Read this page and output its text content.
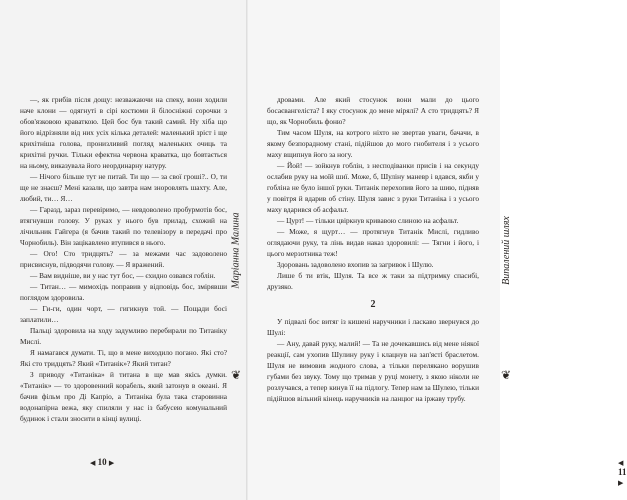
—, як грибів після дощу: незважаючи на спеку, вони ходили наче клони — одягнуті в сірі костюми й білосніжні сорочки з обов'язковою краваткою. Цей бос був такий самий. Ну хіба що його відрізняли від них усіх кілька деталей: маленький зріст і ще крихітніша голова, пронизливий погляд маленьких очиць та крихітні ручки. Тільки ефектна червона краватка, що бовтається на ньому, виказувала його неординарну натуру.

— Нічого більше тут не питай. Ти що — за свої гроші?.. О, ти ще не знаєш? Мені казали, що завтра нам зноровлять шахту. Але, любий, ти… Я…

— Гаразд, зараз перевіримо, — невдоволено пробурмотів бос, втягнувши голову. У руках у нього був прилад, схожий на лічильник Гайгера (я бачив такий по телевізору в передачі про Чорнобиль). Він зацікавлено втупився в нього.

— Ого! Сто тридцять? — за межами час задоволено присвиснув, підводячи голову. — Я вражений.

— Вам видніше, ви у нас тут бос, — єхидно озвався гоблін.

— Титан… — мимохідь поправив у відповідь бос, змірявши поглядом здоровила.

— Ги-ги, один чорт, — гигикнув той. — Пощади босі заплатили…

Пальці здоровила на ходу задумливо перебирали по Титаніку Мислі.

Я намагався думати. Ті, що в мене виходило погано. Які сто? Які сто тридцять? Який «Титанік»? Який титан?

З приводу «Титаніка» й титана в ще мав якісь думки. «Титанік» — то здоровенний корабель, який затонув в океані. Я бачив фільм про Ді Капріо, а Титаніка була така старовинна водонапірна вежа, яку спиляли у нас із бабусею комунальний будинок і стали зносити в кінці вулиці.

Маріанна Малина
❦
◀ 10 ▶
Випалений шлях
❦
◀ 11 ▶

дровами. Але який стосунок вони мали до цього босаєвангеліста? І яку стосунок до мене мірялі? А сто тридцять? Я що, як Чорнобиль фоню?

Тим часом Шуля, на котрого ніхто не звертав уваги, бачачи, в якому безпорадному стані, підійшов до мого гнобителя і з усього маху вщипнув його за ногу.

— Йой! — зойкнув гоблін, з несподіванки присів і на секунду ослабив руку на моїй шиї. Може, б, Шуліну маневр і вдався, якби у гобліна не було іншої руки. Титанік перехопив його за шию, підняв у повітря й вдарив об стіну. Шуля завис з руки Титаніка і з усього маху вдарився об асфальт.

— Цурт! — тільки цвіркнув кривавою слиною на асфальт.

— Може, я щурт… — протягнув Титанік Мислі, гидливо оглядаючи руку, та лінь видав наказ здоровилі: — Тягни і його, і цього мерзотника теж!

Здоровань задоволено вхопив за загривок і Шулю.

Лише б ти втік, Шуля. Та все ж таки за підтримку спасибі, друзяко.

2

У підвалі бос витяг із кишені наручники і ласкаво звернувся до Шулі:

— Ану, давай руку, малий! — Та не дочекавшись від мене ніякої реакції, сам ухопив Шулину руку і клацнув на зап'ясті браслетом. Шуля не вимовив жодного слова, а тільки перелякано ворушив губами без звуку. Тому що тримав у руці монету, з якою ніколи не розлучався, а тепер кинув її на підлогу. Тепер нам за Шулею, тільки підійшов вільний кінець наручників на ланцюг на іржаву трубу.
